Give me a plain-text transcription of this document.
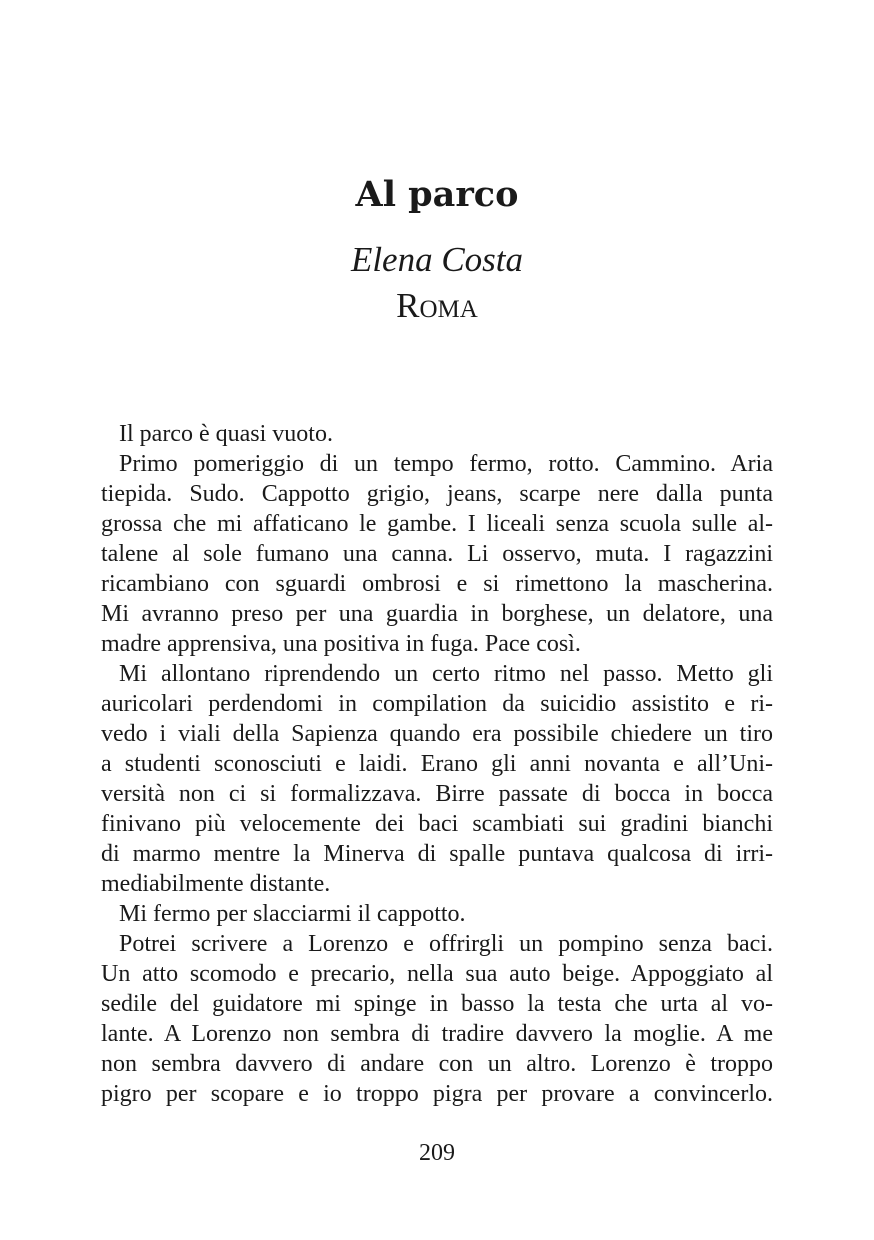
Al parco
Elena Costa
Roma
Il parco è quasi vuoto.
Primo pomeriggio di un tempo fermo, rotto. Cammino. Aria
tiepida. Sudo. Cappotto grigio, jeans, scarpe nere dalla punta
grossa che mi affaticano le gambe. I liceali senza scuola sulle al-
talene al sole fumano una canna. Li osservo, muta. I ragazzini
ricambiano con sguardi ombrosi e si rimettono la mascherina.
Mi avranno preso per una guardia in borghese, un delatore, una
madre apprensiva, una positiva in fuga. Pace così.
Mi allontano riprendendo un certo ritmo nel passo. Metto gli
auricolari perdendomi in compilation da suicidio assistito e ri-
vedo i viali della Sapienza quando era possibile chiedere un tiro
a studenti sconosciuti e laidi. Erano gli anni novanta e all’Uni-
versità non ci si formalizzava. Birre passate di bocca in bocca
finivano più velocemente dei baci scambiati sui gradini bianchi
di marmo mentre la Minerva di spalle puntava qualcosa di irri-
mediabilmente distante.
Mi fermo per slacciarmi il cappotto.
Potrei scrivere a Lorenzo e offrirgli un pompino senza baci.
Un atto scomodo e precario, nella sua auto beige. Appoggiato al
sedile del guidatore mi spinge in basso la testa che urta al vo-
lante. A Lorenzo non sembra di tradire davvero la moglie. A me
non sembra davvero di andare con un altro. Lorenzo è troppo
pigro per scopare e io troppo pigra per provare a convincerlo.
209
